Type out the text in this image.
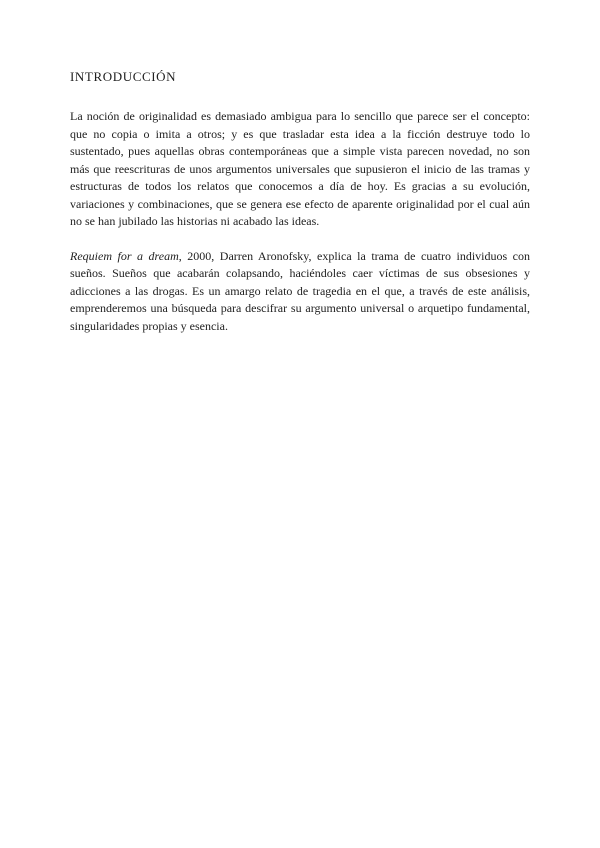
INTRODUCCIÓN

La noción de originalidad es demasiado ambigua para lo sencillo que parece ser el concepto: que no copia o imita a otros; y es que trasladar esta idea a la ficción destruye todo lo sustentado, pues aquellas obras contemporáneas que a simple vista parecen novedad, no son más que reescrituras de unos argumentos universales que supusieron el inicio de las tramas y estructuras de todos los relatos que conocemos a día de hoy. Es gracias a su evolución, variaciones y combinaciones, que se genera ese efecto de aparente originalidad por el cual aún no se han jubilado las historias ni acabado las ideas.

Requiem for a dream, 2000, Darren Aronofsky, explica la trama de cuatro individuos con sueños. Sueños que acabarán colapsando, haciéndoles caer víctimas de sus obsesiones y adicciones a las drogas. Es un amargo relato de tragedia en el que, a través de este análisis, emprenderemos una búsqueda para descifrar su argumento universal o arquetipo fundamental, singularidades propias y esencia.
